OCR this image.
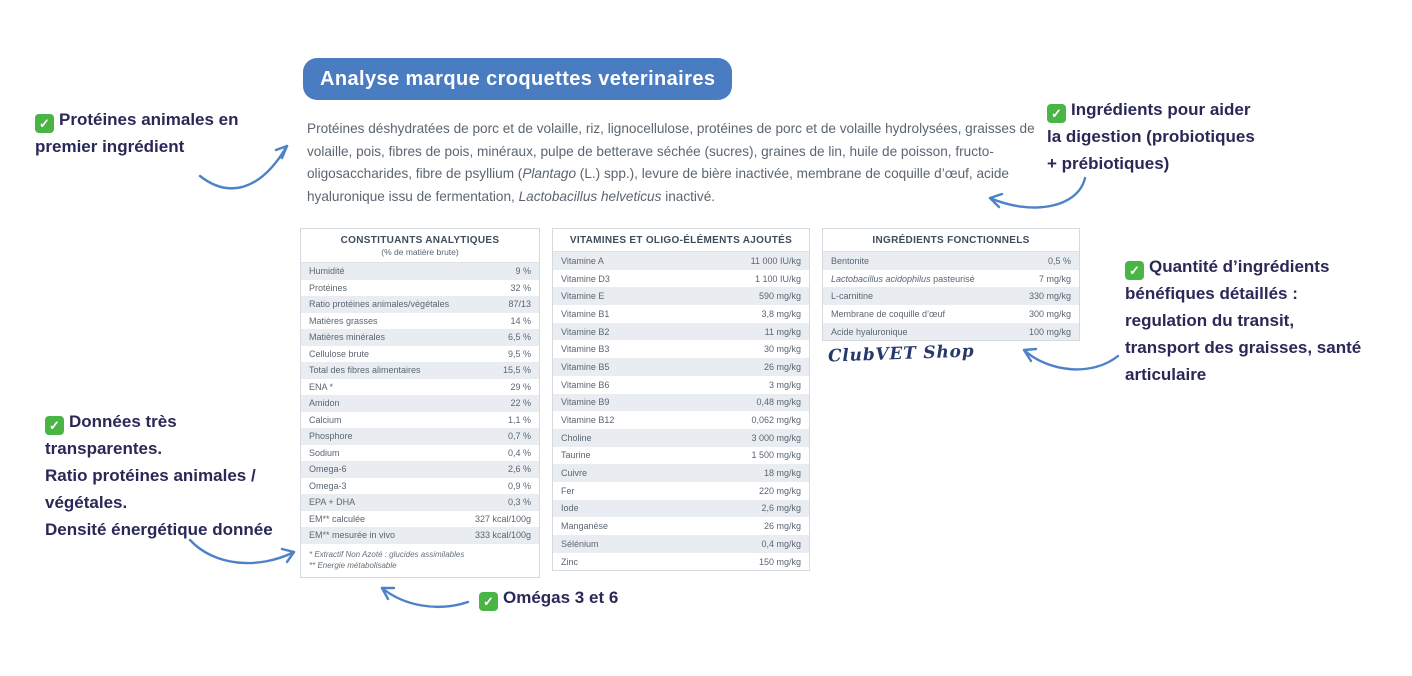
Analyse marque croquettes veterinaires

Protéines déshydratées de porc et de volaille, riz, lignocellulose, protéines de porc et de volaille hydrolysées, graisses de volaille, pois, fibres de pois, minéraux, pulpe de betterave séchée (sucres), graines de lin, huile de poisson, fructo-oligosaccharides, fibre de psyllium (Plantago (L.) spp.), levure de bière inactivée, membrane de coquille d’œuf, acide hyaluronique issu de fermentation, Lactobacillus helveticus inactivé.

CONSTITUANTS ANALYTIQUES
(% de matière brute)
Humidité	9 %
Protéines	32 %
Ratio protéines animales/végétales	87/13
Matières grasses	14 %
Matières minérales	6,5 %
Cellulose brute	9,5 %
Total des fibres alimentaires	15,5 %
ENA *	29 %
Amidon	22 %
Calcium	1,1 %
Phosphore	0,7 %
Sodium	0,4 %
Omega-6	2,6 %
Omega-3	0,9 %
EPA + DHA	0,3 %
EM** calculée	327 kcal/100g
EM** mesurée in vivo	333 kcal/100g
* Extractif Non Azoté : glucides assimilables
** Energie métabolisable
VITAMINES ET OLIGO-ÉLÉMENTS AJOUTÉS
Vitamine A	11 000 IU/kg
Vitamine D3	1 100 IU/kg
Vitamine E	590 mg/kg
Vitamine B1	3,8 mg/kg
Vitamine B2	11 mg/kg
Vitamine B3	30 mg/kg
Vitamine B5	26 mg/kg
Vitamine B6	3 mg/kg
Vitamine B9	0,48 mg/kg
Vitamine B12	0,062 mg/kg
Choline	3 000 mg/kg
Taurine	1 500 mg/kg
Cuivre	18 mg/kg
Fer	220 mg/kg
Iode	2,6 mg/kg
Manganèse	26 mg/kg
Sélénium	0,4 mg/kg
Zinc	150 mg/kg
INGRÉDIENTS FONCTIONNELS
Bentonite	0,5 %
Lactobacillus acidophilus pasteurisé	7 mg/kg
L-carnitine	330 mg/kg
Membrane de coquille d’œuf	300 mg/kg
Acide hyaluronique	100 mg/kg
ClubVET Shop
✓ Protéines animales en
premier ingrédient
✓ Ingrédients pour aider
la digestion (probiotiques
+ prébiotiques)
✓ Quantité d’ingrédients
bénéfiques détaillés :
regulation du transit,
transport des graisses, santé
articulaire
✓ Données très
transparentes.
Ratio protéines animales /
végétales.
Densité énergétique donnée
✓ Omégas 3 et 6
